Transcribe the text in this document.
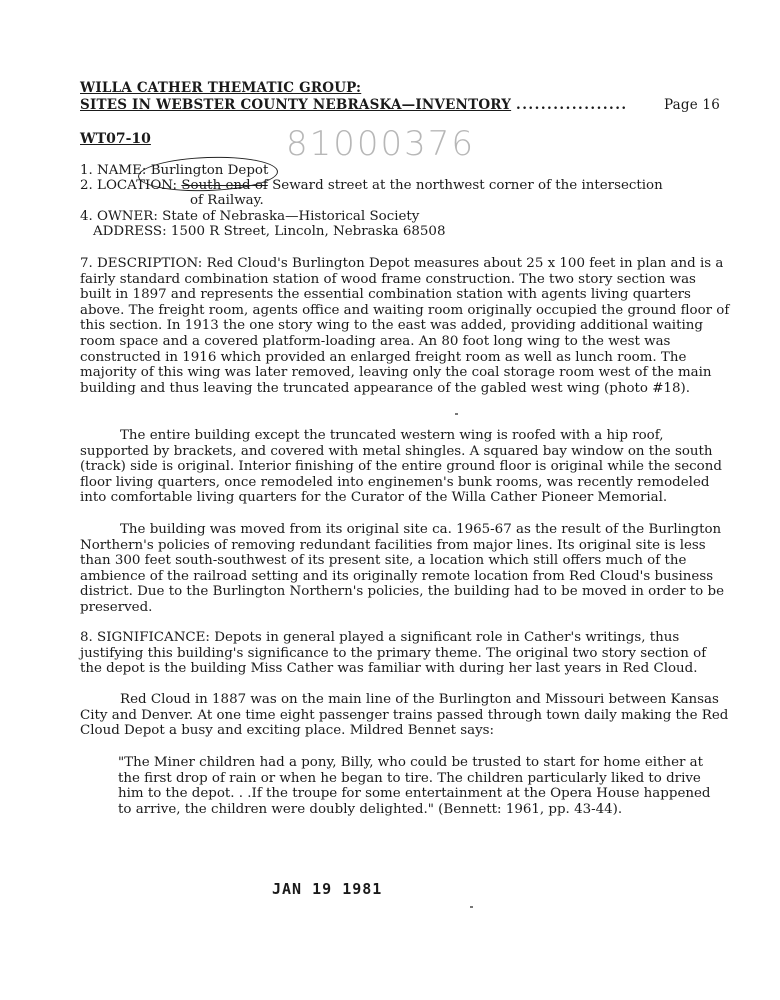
WILLA CATHER THEMATIC GROUP:
SITES IN WEBSTER COUNTY NEBRASKA—INVENTORY ..................	Page 16
WT07-10	81000376
1. NAME: Burlington Depot
2. LOCATION: South end of Seward street at the northwest corner of the intersection
of Railway.
4. OWNER: State of Nebraska—Historical Society
ADDRESS: 1500 R Street, Lincoln, Nebraska 68508

7. DESCRIPTION: Red Cloud's Burlington Depot measures about 25 x 100 feet in plan and is a fairly standard combination station of wood frame construction. The two story section was built in 1897 and represents the essential combination station with agents living quarters above. The freight room, agents office and waiting room originally occupied the ground floor of this section. In 1913 the one story wing to the east was added, providing additional waiting room space and a covered platform-loading area. An 80 foot long wing to the west was constructed in 1916 which provided an enlarged freight room as well as lunch room. The majority of this wing was later removed, leaving only the coal storage room west of the main building and thus leaving the truncated appearance of the gabled west wing (photo #18).

The entire building except the truncated western wing is roofed with a hip roof, supported by brackets, and covered with metal shingles. A squared bay window on the south (track) side is original. Interior finishing of the entire ground floor is original while the second floor living quarters, once remodeled into enginemen's bunk rooms, was recently remodeled into comfortable living quarters for the Curator of the Willa Cather Pioneer Memorial.

The building was moved from its original site ca. 1965-67 as the result of the Burlington Northern's policies of removing redundant facilities from major lines. Its original site is less than 300 feet south-southwest of its present site, a location which still offers much of the ambience of the railroad setting and its originally remote location from Red Cloud's business district. Due to the Burlington Northern's policies, the building had to be moved in order to be preserved.

8. SIGNIFICANCE: Depots in general played a significant role in Cather's writings, thus justifying this building's significance to the primary theme. The original two story section of the depot is the building Miss Cather was familiar with during her last years in Red Cloud.

Red Cloud in 1887 was on the main line of the Burlington and Missouri between Kansas City and Denver. At one time eight passenger trains passed through town daily making the Red Cloud Depot a busy and exciting place. Mildred Bennet says:

"The Miner children had a pony, Billy, who could be trusted to start for home either at the first drop of rain or when he began to tire. The children particularly liked to drive him to the depot. . .If the troupe for some entertainment at the Opera House happened to arrive, the children were doubly delighted." (Bennett: 1961, pp. 43-44).
JAN 19 1981
